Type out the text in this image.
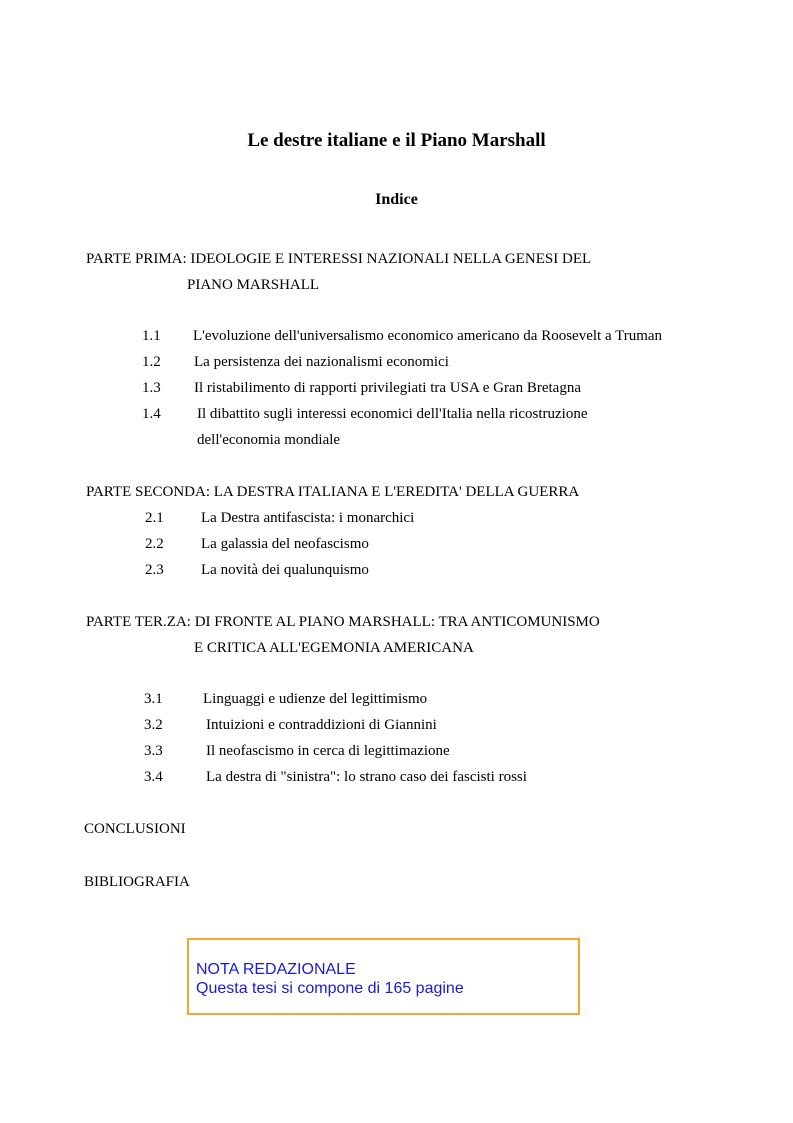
Le destre italiane e il Piano Marshall
Indice
PARTE PRIMA: IDEOLOGIE E INTERESSI NAZIONALI NELLA GENESI DEL
PIANO MARSHALL
1.1 L'evoluzione dell'universalismo economico americano da Roosevelt a Truman
1.2 La persistenza dei nazionalismi economici
1.3 Il ristabilimento di rapporti privilegiati tra USA e Gran Bretagna
1.4 Il dibattito sugli interessi economici dell'Italia nella ricostruzione
dell'economia mondiale
PARTE SECONDA: LA DESTRA ITALIANA E L'EREDITA' DELLA GUERRA
2.1 La Destra antifascista: i monarchici
2.2 La galassia del neofascismo
2.3 La novità dei qualunquismo
PARTE TER.ZA: DI FRONTE AL PIANO MARSHALL: TRA ANTICOMUNISMO
E CRITICA ALL'EGEMONIA AMERICANA
3.1	Linguaggi e udienze del legittimismo
3.2	Intuizioni e contraddizioni di Giannini
3.3	Il neofascismo in cerca di legittimazione
3.4	La destra di "sinistra": lo strano caso dei fascisti rossi
CONCLUSIONI
BIBLIOGRAFIA
NOTA REDAZIONALE
Questa tesi si compone di 165 pagine
